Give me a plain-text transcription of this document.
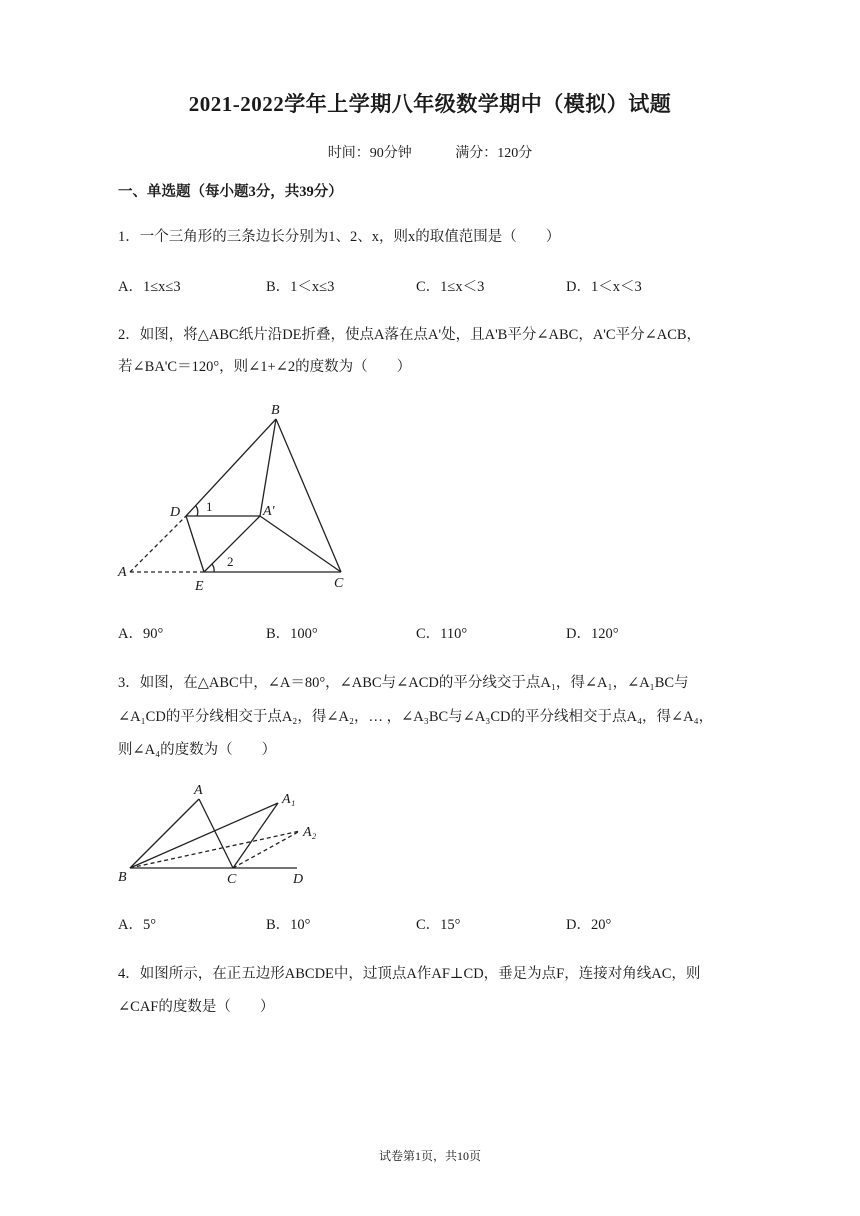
2021-2022学年上学期八年级数学期中（模拟）试题
时间：90分钟	满分：120分
一、单选题（每小题3分，共39分）
1．一个三角形的三条边长分别为1、2、x，则x的取值范围是（　　）
A．1≤x≤3	B．1＜x≤3	C．1≤x＜3	D．1＜x＜3
2．如图，将△ABC纸片沿DE折叠，使点A落在点A'处，且A'B平分∠ABC，A'C平分∠ACB，
若∠BA'C＝120°，则∠1+∠2的度数为（　　）
B
D 1	A'
A
2
E	C
A．90°	B．100°	C．110°	D．120°
3．如图，在△ABC中，∠A＝80°，∠ABC与∠ACD的平分线交于点A₁，得∠A₁，∠A₁BC与
∠A₁CD的平分线相交于点A₂，得∠A₂，… ，∠A₃BC与∠A₃CD的平分线相交于点A₄，得∠A₄，
则∠A₄的度数为（　　）
A
A₁
A₂
B	C	D
A．5°	B．10°	C．15°	D．20°
4．如图所示，在正五边形ABCDE中，过顶点A作AF⊥CD，垂足为点F，连接对角线AC，则
∠CAF的度数是（　　）
试卷第1页，共10页
